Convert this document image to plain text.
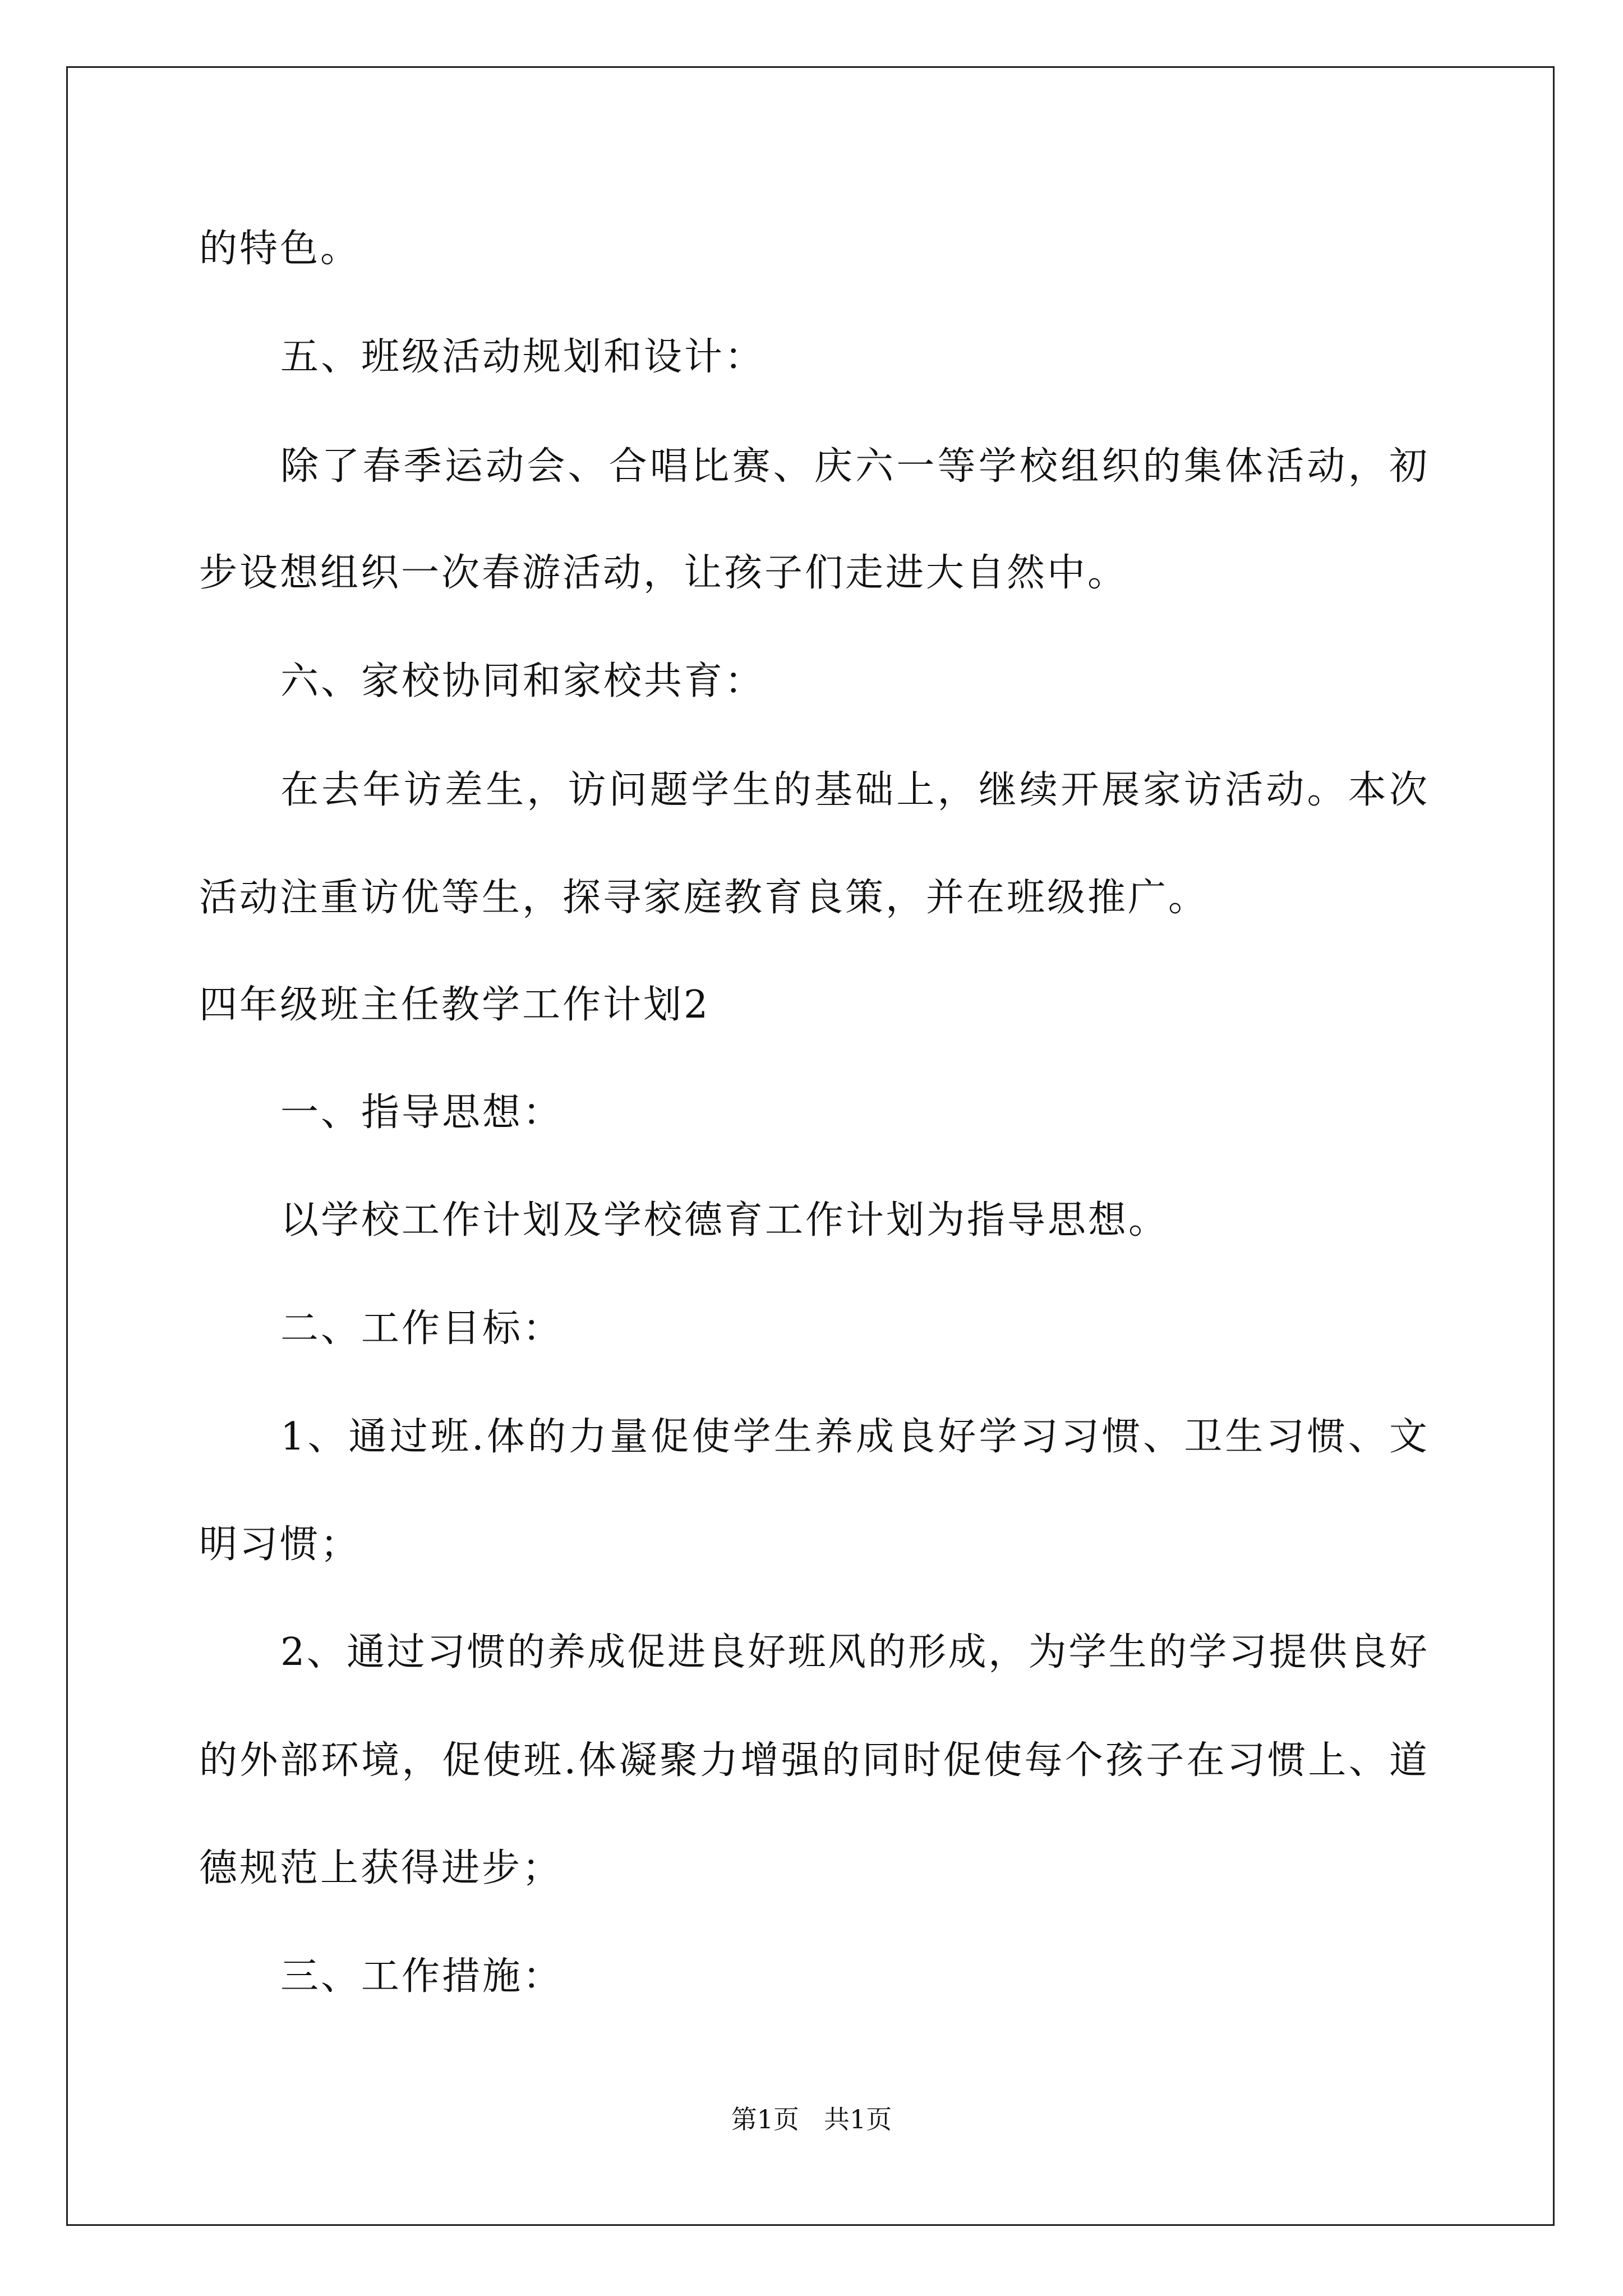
的特色。
五、班级活动规划和设计：
除了春季运动会、合唱比赛、庆六一等学校组织的集体活动，初
步设想组织一次春游活动，让孩子们走进大自然中。
六、家校协同和家校共育：
在去年访差生，访问题学生的基础上，继续开展家访活动。本次
活动注重访优等生，探寻家庭教育良策，并在班级推广。
四年级班主任教学工作计划2
一、指导思想：
以学校工作计划及学校德育工作计划为指导思想。
二、工作目标：
1、通过班.体的力量促使学生养成良好学习习惯、卫生习惯、文
明习惯；
2、通过习惯的养成促进良好班风的形成，为学生的学习提供良好
的外部环境，促使班.体凝聚力增强的同时促使每个孩子在习惯上、道
德规范上获得进步；
三、工作措施：
第1页 共1页
